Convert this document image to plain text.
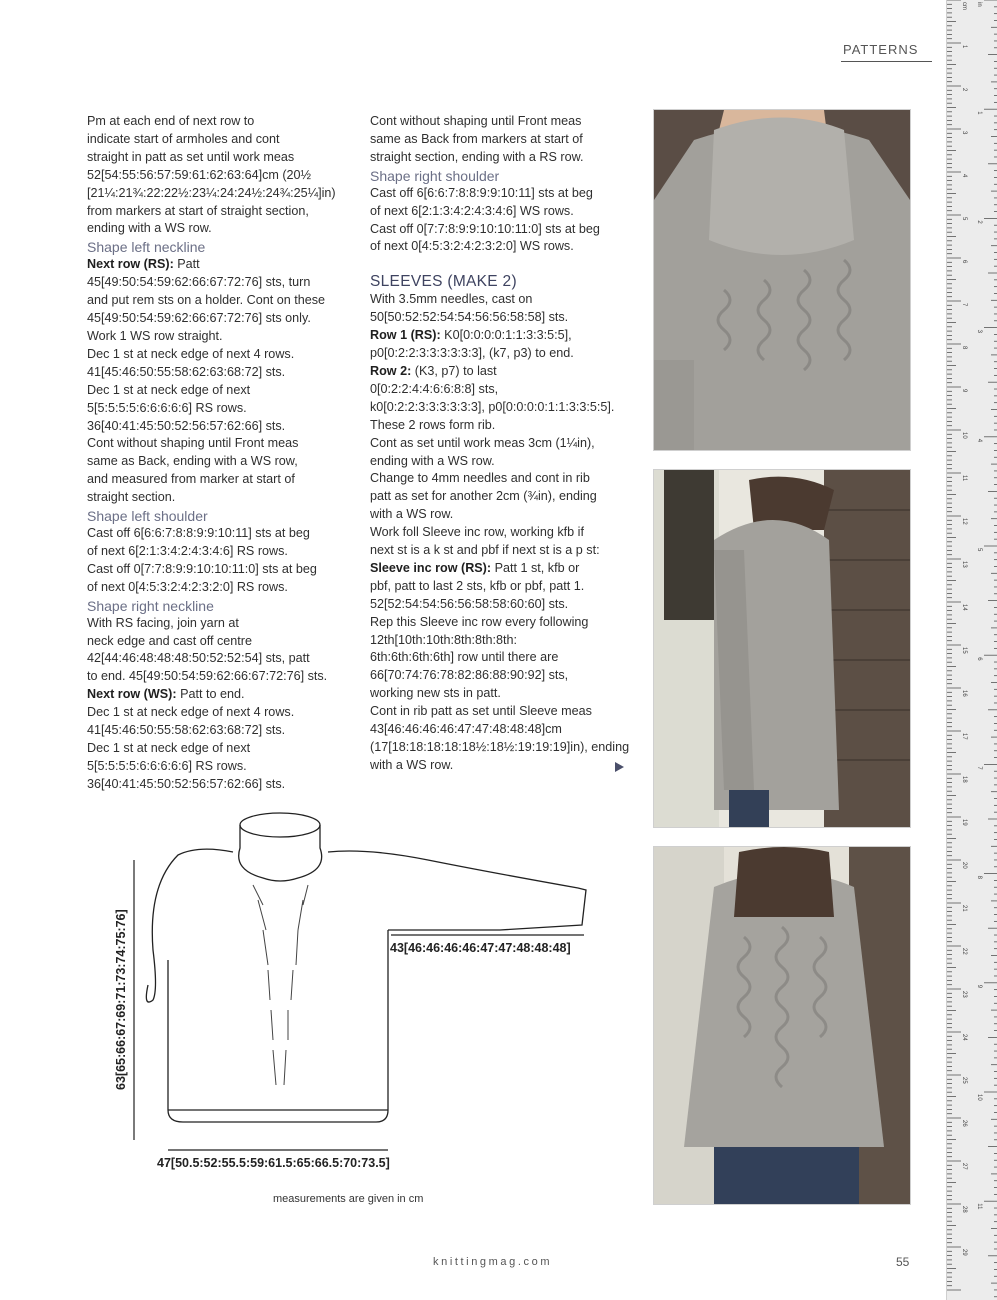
PATTERNS

Pm at each end of next row to
indicate start of armholes and cont
straight in patt as set until work meas
52[54:55:56:57:59:61:62:63:64]cm (20½
[21¼:21¾:22:22½:23¼:24:24½:24¾:25¼]in)
from markers at start of straight section,
ending with a WS row.

Shape left neckline

Next row (RS): Patt
45[49:50:54:59:62:66:67:72:76] sts, turn
and put rem sts on a holder. Cont on these
45[49:50:54:59:62:66:67:72:76] sts only.
Work 1 WS row straight.
Dec 1 st at neck edge of next 4 rows.
41[45:46:50:55:58:62:63:68:72] sts.
Dec 1 st at neck edge of next
5[5:5:5:5:6:6:6:6:6] RS rows.
36[40:41:45:50:52:56:57:62:66] sts.
Cont without shaping until Front meas
same as Back, ending with a WS row,
and measured from marker at start of
straight section.

Shape left shoulder

Cast off 6[6:6:7:8:8:9:9:10:11] sts at beg
of next 6[2:1:3:4:2:4:3:4:6] RS rows.
Cast off 0[7:7:8:9:9:10:10:11:0] sts at beg
of next 0[4:5:3:2:4:2:3:2:0] RS rows.

Shape right neckline

With RS facing, join yarn at
neck edge and cast off centre
42[44:46:48:48:48:50:52:52:54] sts, patt
to end. 45[49:50:54:59:62:66:67:72:76] sts.

Next row (WS): Patt to end.
Dec 1 st at neck edge of next 4 rows.
41[45:46:50:55:58:62:63:68:72] sts.
Dec 1 st at neck edge of next
5[5:5:5:5:6:6:6:6:6] RS rows.
36[40:41:45:50:52:56:57:62:66] sts.

Cont without shaping until Front meas
same as Back from markers at start of
straight section, ending with a RS row.

Shape right shoulder

Cast off 6[6:6:7:8:8:9:9:10:11] sts at beg
of next 6[2:1:3:4:2:4:3:4:6] WS rows.
Cast off 0[7:7:8:9:9:10:10:11:0] sts at beg
of next 0[4:5:3:2:4:2:3:2:0] WS rows.

SLEEVES (MAKE 2)

With 3.5mm needles, cast on
50[50:52:52:54:54:56:56:58:58] sts.

Row 1 (RS): K0[0:0:0:0:1:1:3:3:5:5],
p0[0:2:2:3:3:3:3:3:3], (k7, p3) to end.

Row 2: (K3, p7) to last
0[0:2:2:4:4:6:6:8:8] sts,
k0[0:2:2:3:3:3:3:3:3], p0[0:0:0:0:1:1:3:3:5:5].
These 2 rows form rib.
Cont as set until work meas 3cm (1¼in),
ending with a WS row.
Change to 4mm needles and cont in rib
patt as set for another 2cm (¾in), ending
with a WS row.
Work foll Sleeve inc row, working kfb if
next st is a k st and pbf if next st is a p st:

Sleeve inc row (RS): Patt 1 st, kfb or
pbf, patt to last 2 sts, kfb or pbf, patt 1.
52[52:54:54:56:56:58:58:60:60] sts.
Rep this Sleeve inc row every following
12th[10th:10th:8th:8th:8th:
6th:6th:6th:6th] row until there are
66[70:74:76:78:82:86:88:90:92] sts,
working new sts in patt.
Cont in rib patt as set until Sleeve meas
43[46:46:46:46:47:47:48:48:48]cm
(17[18:18:18:18:18½:18½:19:19:19]in), ending
with a WS row.

43[46:46:46:46:47:47:48:48:48]
47[50.5:52:55.5:59:61.5:65:66.5:70:73.5]
63[65:66:67:69:71:73:74:75:76]
measurements are given in cm
knittingmag.com	55
cm
1
2
3
4
5
6
7
8
9
10
11
12
13
14
15
16
17
18
19
20
21
22
23
24
25
26
27
28
29
in
1
2
3
4
5
6
7
8
9
10
11
